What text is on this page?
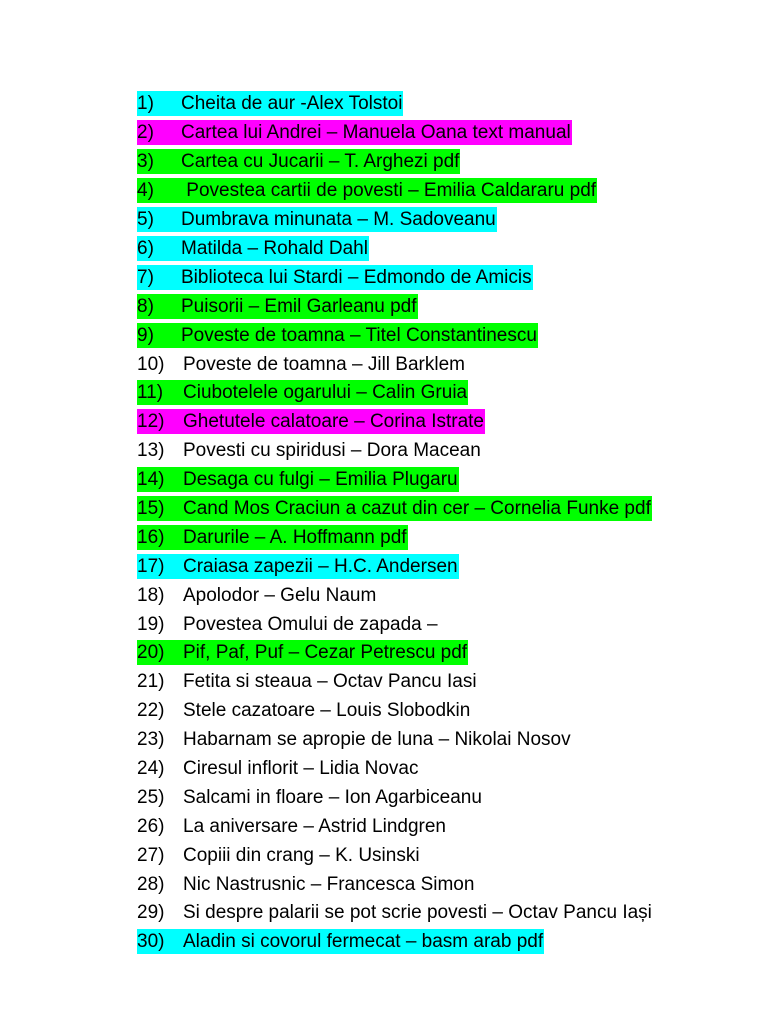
1) Cheita de aur -Alex Tolstoi
2) Cartea lui Andrei – Manuela Oana text manual
3) Cartea cu Jucarii – T. Arghezi pdf
4) Povestea cartii de povesti – Emilia Caldararu pdf
5) Dumbrava minunata – M. Sadoveanu
6) Matilda – Rohald Dahl
7) Biblioteca lui Stardi – Edmondo de Amicis
8) Puisorii – Emil Garleanu pdf
9) Poveste de toamna – Titel Constantinescu
10) Poveste de toamna – Jill Barklem
11) Ciubotelele ogarului – Calin Gruia
12) Ghetutele calatoare – Corina Istrate
13) Povesti cu spiridusi – Dora Macean
14) Desaga cu fulgi – Emilia Plugaru
15) Cand Mos Craciun a cazut din cer – Cornelia Funke pdf
16) Darurile – A. Hoffmann pdf
17) Craiasa zapezii – H.C. Andersen
18) Apolodor – Gelu Naum
19) Povestea Omului de zapada –
20) Pif, Paf, Puf – Cezar Petrescu pdf
21) Fetita si steaua – Octav Pancu Iasi
22) Stele cazatoare – Louis Slobodkin
23) Habarnam se apropie de luna – Nikolai Nosov
24) Ciresul inflorit – Lidia Novac
25) Salcami in floare – Ion Agarbiceanu
26) La aniversare – Astrid Lindgren
27) Copiii din crang – K. Usinski
28) Nic Nastrusnic – Francesca Simon
29) Si despre palarii se pot scrie povesti – Octav Pancu Iași
30) Aladin si covorul fermecat – basm arab pdf
